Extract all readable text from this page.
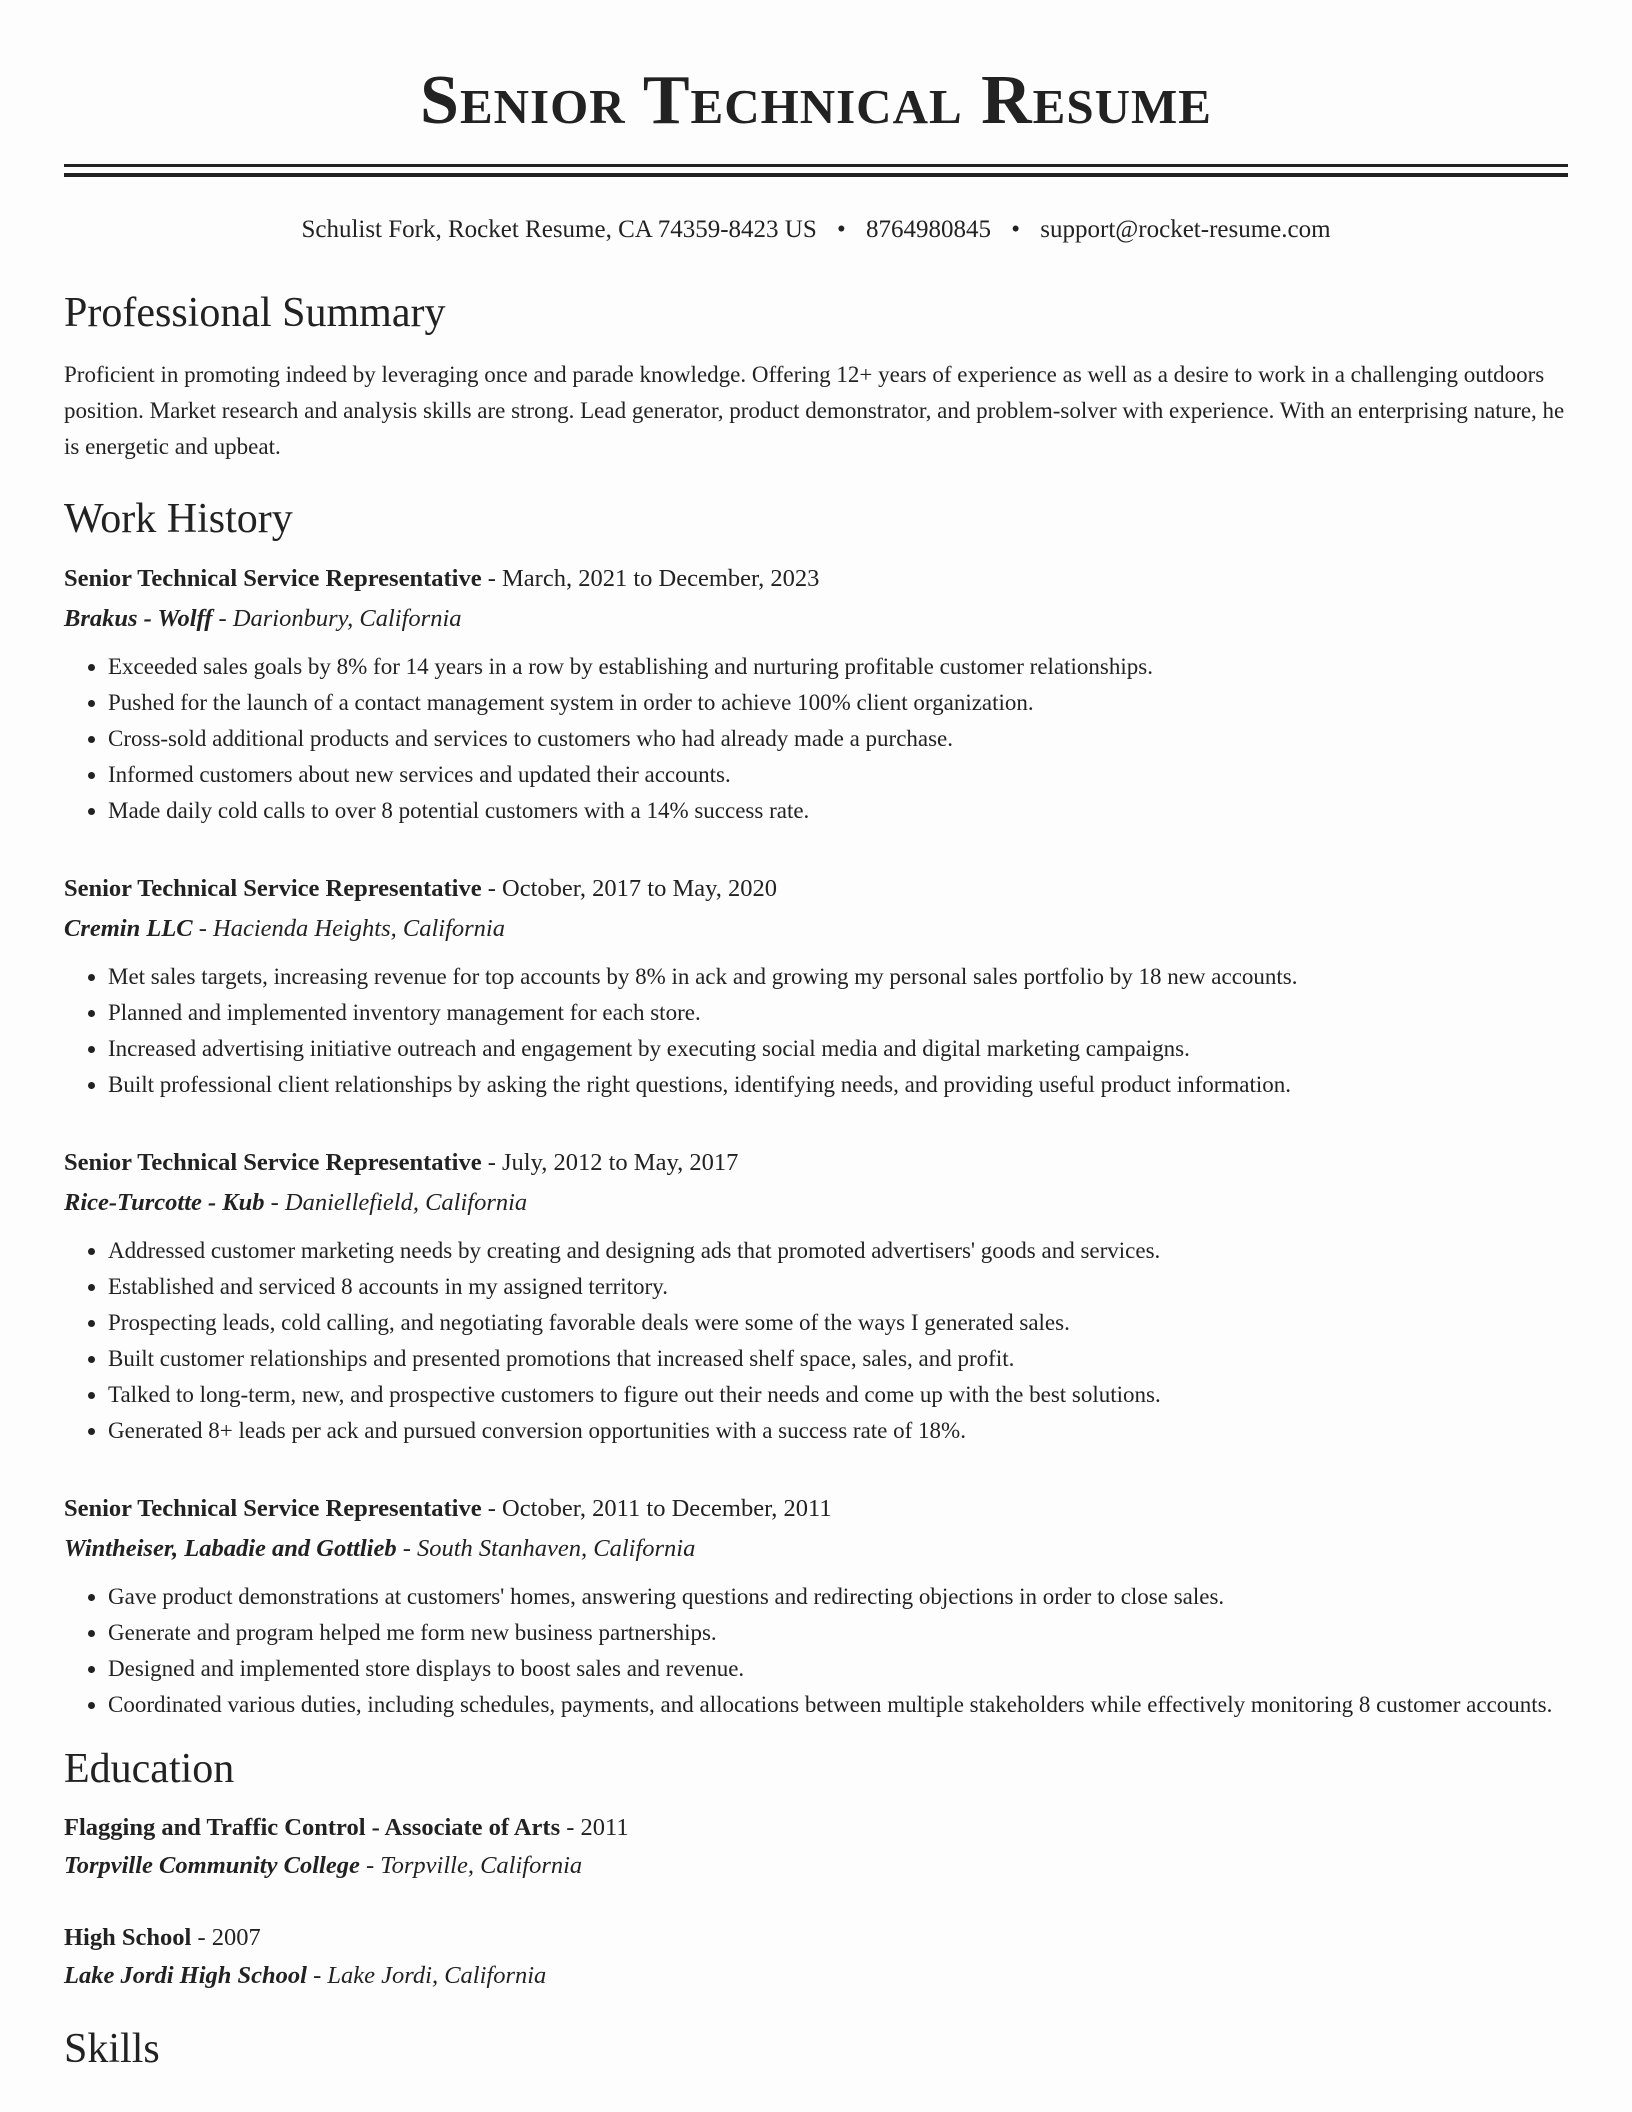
Senior Technical Resume
Schulist Fork, Rocket Resume, CA 74359-8423 US • 8764980845 • support@rocket-resume.com
Professional Summary
Proficient in promoting indeed by leveraging once and parade knowledge. Offering 12+ years of experience as well as a desire to work in a challenging outdoors position. Market research and analysis skills are strong. Lead generator, product demonstrator, and problem-solver with experience. With an enterprising nature, he is energetic and upbeat.
Work History
Senior Technical Service Representative - March, 2021 to December, 2023
Brakus - Wolff - Darionbury, California
• Exceeded sales goals by 8% for 14 years in a row by establishing and nurturing profitable customer relationships.
• Pushed for the launch of a contact management system in order to achieve 100% client organization.
• Cross-sold additional products and services to customers who had already made a purchase.
• Informed customers about new services and updated their accounts.
• Made daily cold calls to over 8 potential customers with a 14% success rate.
Senior Technical Service Representative - October, 2017 to May, 2020
Cremin LLC - Hacienda Heights, California
• Met sales targets, increasing revenue for top accounts by 8% in ack and growing my personal sales portfolio by 18 new accounts.
• Planned and implemented inventory management for each store.
• Increased advertising initiative outreach and engagement by executing social media and digital marketing campaigns.
• Built professional client relationships by asking the right questions, identifying needs, and providing useful product information.
Senior Technical Service Representative - July, 2012 to May, 2017
Rice-Turcotte - Kub - Daniellefield, California
• Addressed customer marketing needs by creating and designing ads that promoted advertisers' goods and services.
• Established and serviced 8 accounts in my assigned territory.
• Prospecting leads, cold calling, and negotiating favorable deals were some of the ways I generated sales.
• Built customer relationships and presented promotions that increased shelf space, sales, and profit.
• Talked to long-term, new, and prospective customers to figure out their needs and come up with the best solutions.
• Generated 8+ leads per ack and pursued conversion opportunities with a success rate of 18%.
Senior Technical Service Representative - October, 2011 to December, 2011
Wintheiser, Labadie and Gottlieb - South Stanhaven, California
• Gave product demonstrations at customers' homes, answering questions and redirecting objections in order to close sales.
• Generate and program helped me form new business partnerships.
• Designed and implemented store displays to boost sales and revenue.
• Coordinated various duties, including schedules, payments, and allocations between multiple stakeholders while effectively monitoring 8 customer accounts.
Education
Flagging and Traffic Control - Associate of Arts - 2011
Torpville Community College - Torpville, California
High School - 2007
Lake Jordi High School - Lake Jordi, California
Skills
